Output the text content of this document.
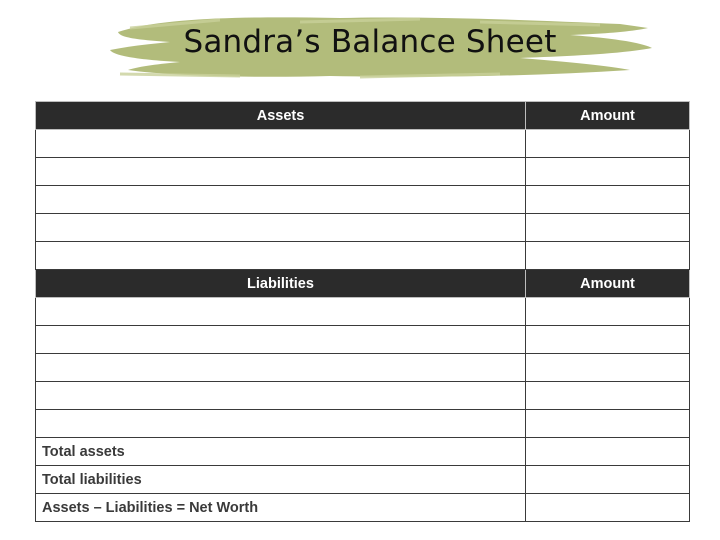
Sandra’s Balance Sheet
Assets	Amount

Liabilities	Amount

Total assets	
Total liabilities	
Assets – Liabilities = Net Worth	
